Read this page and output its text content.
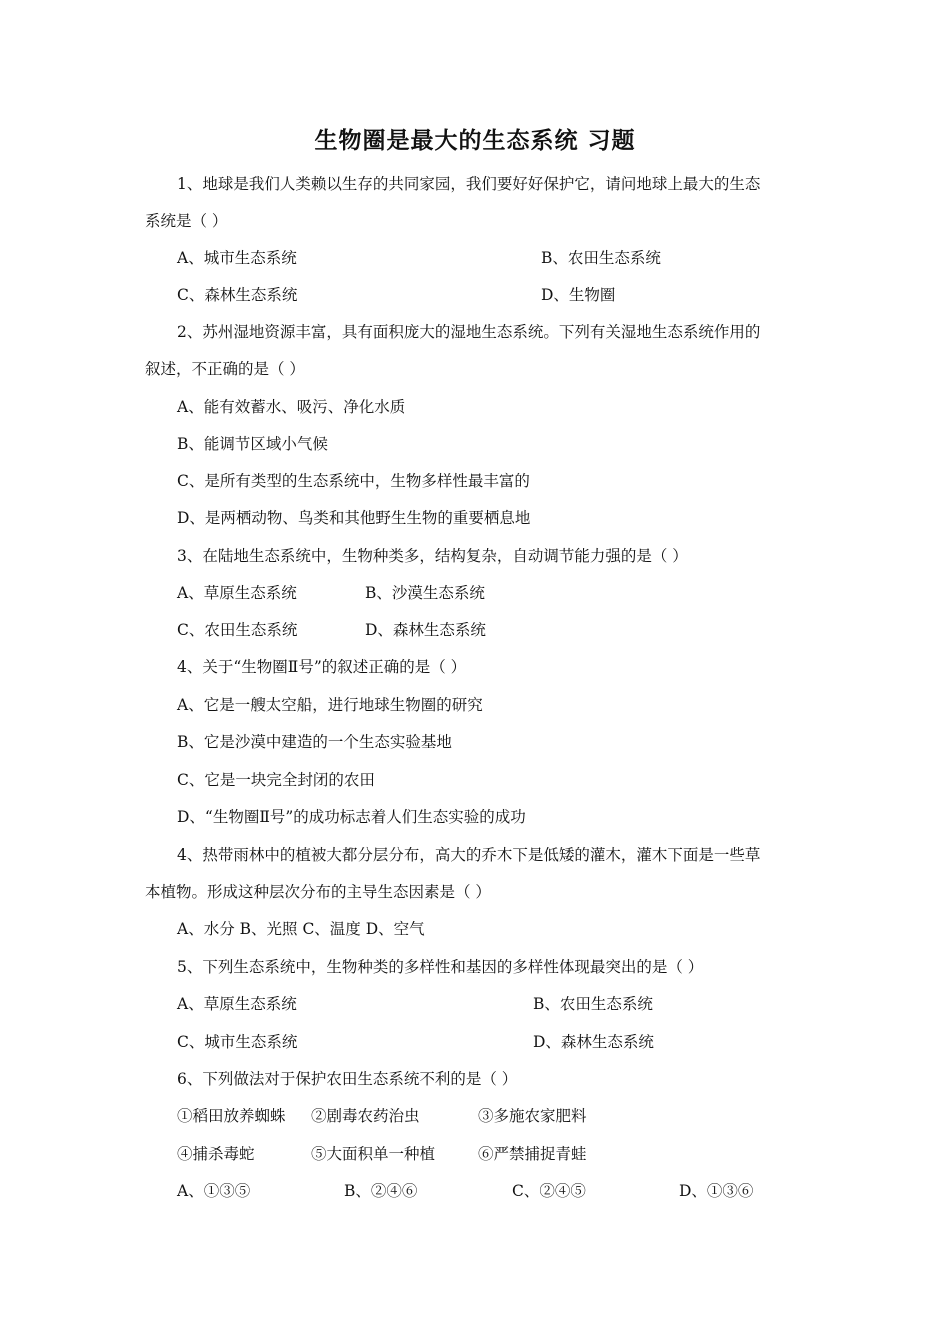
生物圈是最大的生态系统 习题
1、地球是我们人类赖以生存的共同家园，我们要好好保护它，请问地球上最大的生态
系统是（ ）
A、城市生态系统	B、农田生态系统
C、森林生态系统	D、生物圈
2、苏州湿地资源丰富，具有面积庞大的湿地生态系统。下列有关湿地生态系统作用的
叙述，不正确的是（ ）
A、能有效蓄水、吸污、净化水质
B、能调节区域小气候
C、是所有类型的生态系统中，生物多样性最丰富的
D、是两栖动物、鸟类和其他野生生物的重要栖息地
3、在陆地生态系统中，生物种类多，结构复杂，自动调节能力强的是（ ）
A、草原生态系统	B、沙漠生态系统
C、农田生态系统	D、森林生态系统
4、关于“生物圈Ⅱ号”的叙述正确的是（ ）
A、它是一艘太空船，进行地球生物圈的研究
B、它是沙漠中建造的一个生态实验基地
C、它是一块完全封闭的农田
D、“生物圈Ⅱ号”的成功标志着人们生态实验的成功
4、热带雨林中的植被大都分层分布，高大的乔木下是低矮的灌木，灌木下面是一些草
本植物。形成这种层次分布的主导生态因素是（ ）
A、水分 B、光照 C、温度 D、空气
5、下列生态系统中，生物种类的多样性和基因的多样性体现最突出的是（ ）
A、草原生态系统	B、农田生态系统
C、城市生态系统	D、森林生态系统
6、下列做法对于保护农田生态系统不利的是（ ）
①稻田放养蜘蛛 ②剧毒农药治虫	③多施农家肥料
④捕杀毒蛇	⑤大面积单一种植	⑥严禁捕捉青蛙
A、①③⑤	B、②④⑥	C、②④⑤	D、①③⑥
